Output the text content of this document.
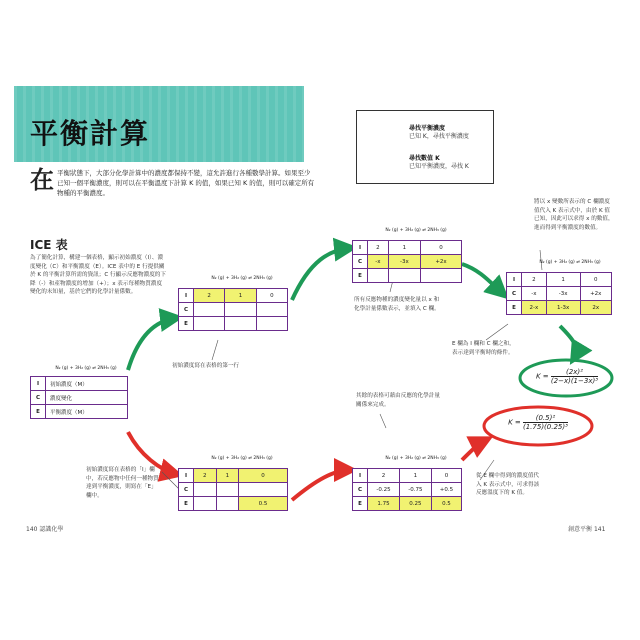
平衡計算	尋找平衡濃度
已知 K，尋找平衡濃度
尋找數值 K
已知平衡濃度，尋找 K
在平衡狀態下，大部分化學計算中的濃度都保持不變，這允許進行各種數學計算。如果至少已知一個平衡濃度，則可以在平衡溫度下計算 K 的值，如果已知 K 的值，則可以確定所有物種的平衡濃度。
ICE 表
為了簡化計算，構建一個表格，顯示初始濃度（I）、濃度變化（C）和平衡濃度（E）。ICE 表中的 E 行提供關於 K 的平衡計算所需的資訊；C 行顯示反應物濃度的下降（-）和產物濃度的增加（+）；x 表示每種物質濃度變化的未知量，基於它們的化學計量係數。
N₂ (g) + 3H₂ (g) ⇌ 2NH₃ (g)
I	初始濃度（M）
C	濃度變化
E	平衡濃度（M）
N₂ (g) + 3H₂ (g) ⇌ 2NH₃ (g)
I	2	1	0
C			
E			
初始濃度寫在表格的第一行
N₂ (g) + 3H₂ (g) ⇌ 2NH₃ (g)
I	2	1	0
C	-x	-3x	+2x
E			
所有反應物種的濃度變化量以 x 和化學計量係數表示，並填入 C 欄。
N₂ (g) + 3H₂ (g) ⇌ 2NH₃ (g)
I	2	1	0
C	-x	-3x	+2x
E	2-x	1-3x	2x
將以 x 變數所表示的 C 欄濃度值代入 K 表示式中，由於 K 值已知，因此可以求得 x 的數值，進而得到平衡濃度的數值。
E 欄為 I 欄和 C 欄之和，表示達到平衡時的條件。
$K = \frac{\text{(2x)²}}{\text{(2−x)(1−3x)³}}$
$K = \frac{\text{(0.5)²}}{\text{(1.75)(0.25)³}}$
N₂ (g) + 3H₂ (g) ⇌ 2NH₃ (g)
I	2	1	0
C			
E			0.5
初始濃度寫在表格的「I」欄中，若反應物中任何一種物質達到平衡濃度，則寫在「E」欄中。
N₂ (g) + 3H₂ (g) ⇌ 2NH₃ (g)
I	2	1	0
C	-0.25	-0.75	+0.5
E	1.75	0.25	0.5
其餘的表格可藉由反應的化學計量關係來完成。
從 E 欄中得到的濃度值代入 K 表示式中，可求得該反應溫度下的 K 值。
140 認識化學	創意平衡 141
